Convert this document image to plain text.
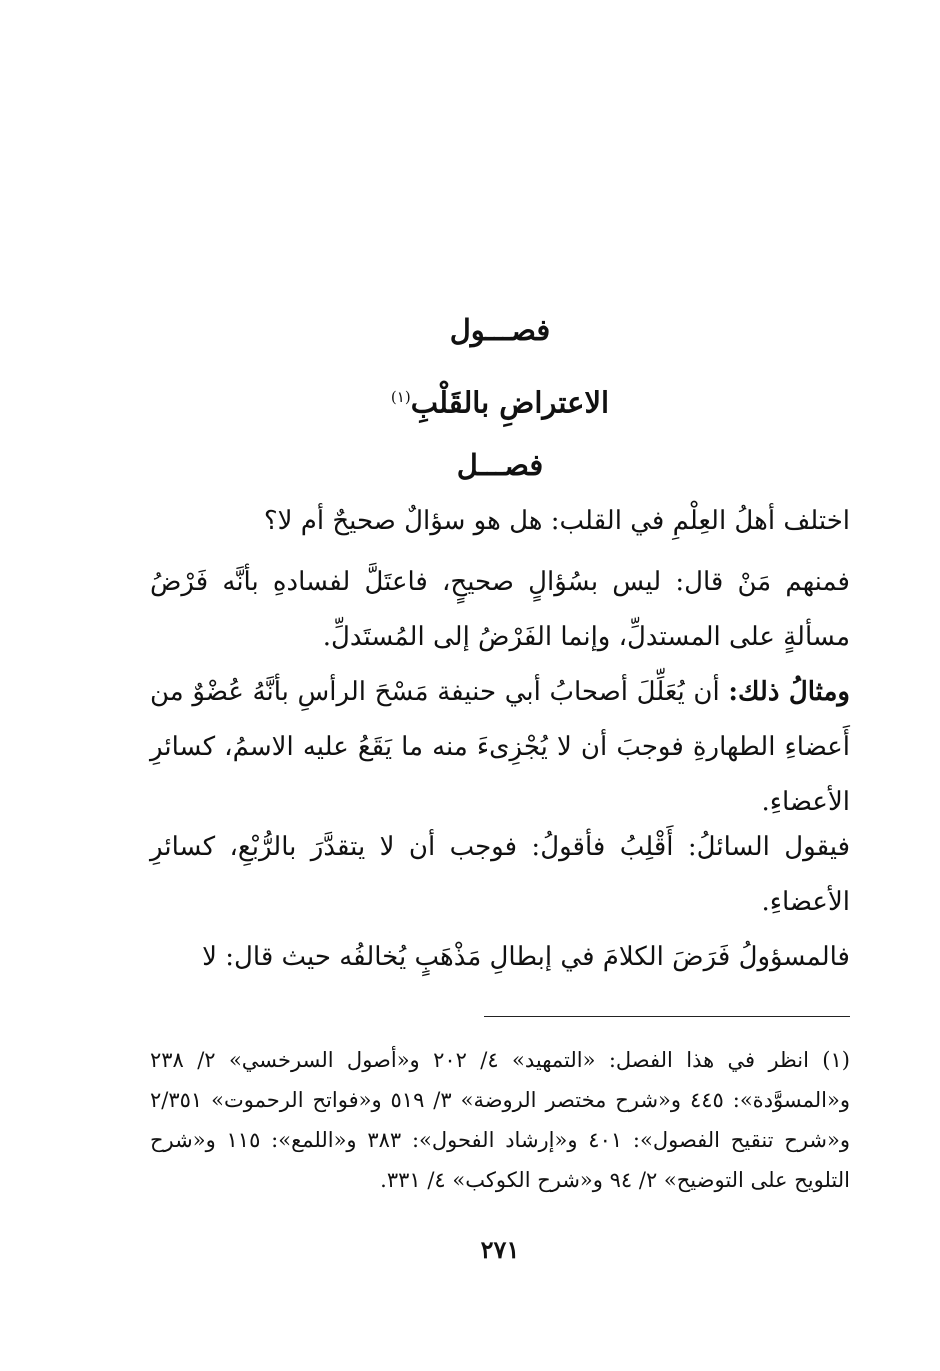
فصـــول
الاعتراضِ بالقَلْبِ$^{(١)}$
فصـــل

اختلف أهلُ العِلْمِ في القلب: هل هو سؤالٌ صحيحٌ أم لا؟

فمنهم مَنْ قال: ليس بسُؤالٍ صحيحٍ، فاعتَلَّ لفسادهِ بأنَّه فَرْضُ مسألةٍ على المستدلِّ، وإنما الفَرْضُ إلى المُستَدلِّ.

ومثالُ ذلك: أن يُعَلِّلَ أصحابُ أبي حنيفة مَسْحَ الرأسِ بأنَّهُ عُضْوٌ من أَعضاءِ الطهارةِ فوجبَ أن لا يُجْزِىءَ منه ما يَقَعُ عليه الاسمُ، كسائرِ الأعضاءِ.

فيقول السائلُ: أَقْلِبُ فأقولُ: فوجب أن لا يتقدَّرَ بالرُّبْعِ، كسائرِ الأعضاءِ.

فالمسؤولُ فَرَضَ الكلامَ في إبطالِ مَذْهَبٍ يُخالفُه حيث قال: لا

(١) انظر في هذا الفصل: «التمهيد» ٤/ ٢٠٢ و«أصول السرخسي» ٢/ ٢٣٨ و«المسوَّدة»: ٤٤٥ و«شرح مختصر الروضة» ٣/ ٥١٩ و«فواتح الرحموت» ٢/٣٥١ و«شرح تنقيح الفصول»: ٤٠١ و«إرشاد الفحول»: ٣٨٣ و«اللمع»: ١١٥ و«شرح التلويح على التوضيح» ٢/ ٩٤ و«شرح الكوكب» ٤/ ٣٣١.

٢٧١
